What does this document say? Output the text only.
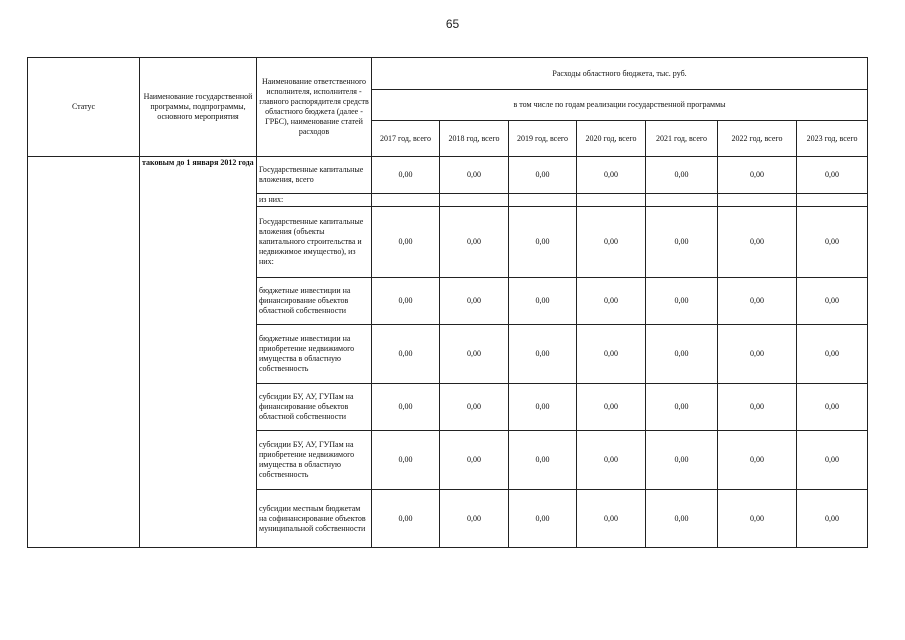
65
Статус	Наименование государственной программы, подпрограммы, основного мероприятия	Наименование ответственного исполнителя, исполнителя - главного распорядителя средств областного бюджета (далее - ГРБС), наименование статей расходов	Расходы областного бюджета, тыс. руб.						
			в том числе по годам реализации государственной программы						
			2017 год, всего	2018 год, всего	2019 год, всего	2020 год, всего	2021 год, всего	2022 год, всего	2023 год, всего
	таковым до 1 января 2012 года	Государственные капитальные вложения, всего	0,00	0,00	0,00	0,00	0,00	0,00	0,00
		из них:							
		Государственные капитальные вложения (объекты капитального строительства и недвижимое имущество), из них:	0,00	0,00	0,00	0,00	0,00	0,00	0,00
		бюджетные инвестиции на финансирование объектов областной собственности	0,00	0,00	0,00	0,00	0,00	0,00	0,00
		бюджетные инвестиции на приобретение недвижимого имущества в областную собственность	0,00	0,00	0,00	0,00	0,00	0,00	0,00
		субсидии БУ, АУ, ГУПам на финансирование объектов областной собственности	0,00	0,00	0,00	0,00	0,00	0,00	0,00
		субсидии БУ, АУ, ГУПам на приобретение недвижимого имущества в областную собственность	0,00	0,00	0,00	0,00	0,00	0,00	0,00
		субсидии местным бюджетам на софинансирование объектов муниципальной собственности	0,00	0,00	0,00	0,00	0,00	0,00	0,00
